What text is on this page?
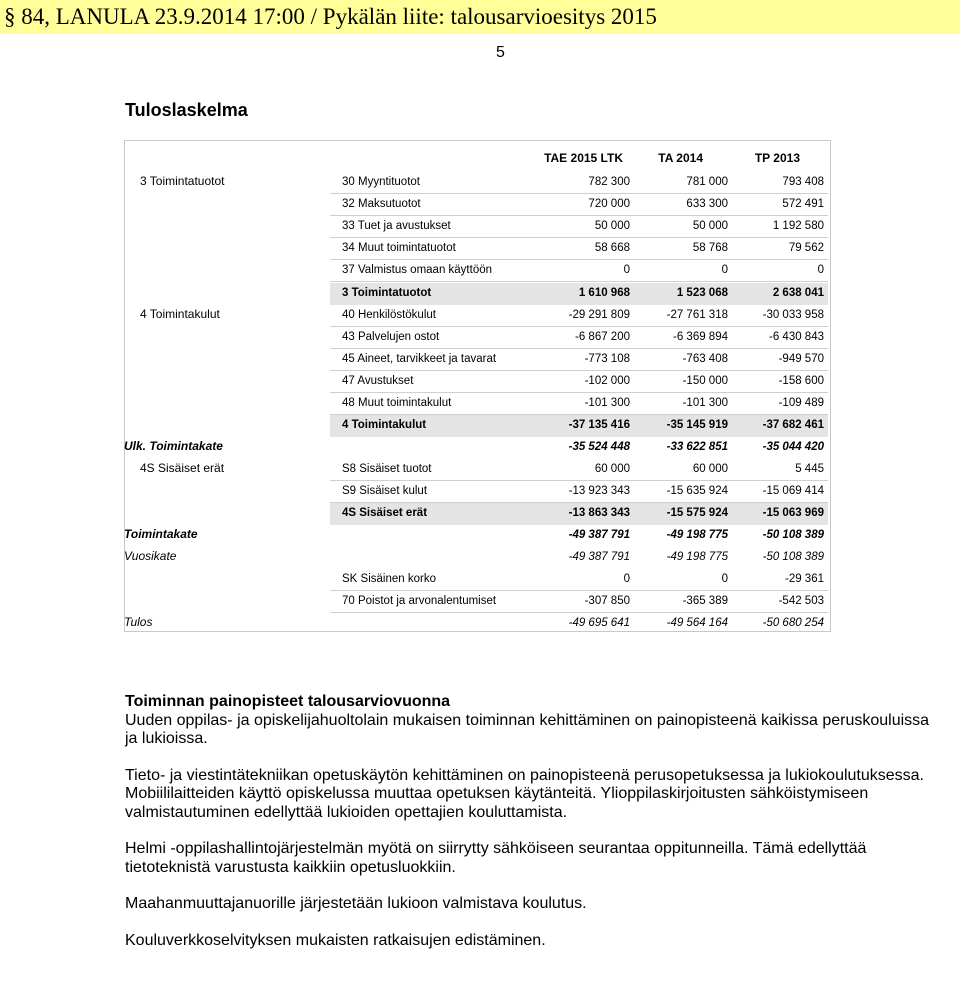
§ 84, LANULA 23.9.2014 17:00 / Pykälän liite: talousarvioesitys 2015
5
Tuloslaskelma
TAE 2015 LTK	TA 2014	TP 2013
3 Toimintatuotot	30 Myyntituotot	782 300	781 000	793 408
32 Maksutuotot	720 000	633 300	572 491
33 Tuet ja avustukset	50 000	50 000	1 192 580
34 Muut toimintatuotot	58 668	58 768	79 562
37 Valmistus omaan käyttöön	0	0	0
3 Toimintatuotot	1 610 968	1 523 068	2 638 041
4 Toimintakulut	40 Henkilöstökulut	-29 291 809	-27 761 318	-30 033 958
43 Palvelujen ostot	-6 867 200	-6 369 894	-6 430 843
45 Aineet, tarvikkeet ja tavarat	-773 108	-763 408	-949 570
47 Avustukset	-102 000	-150 000	-158 600
48 Muut toimintakulut	-101 300	-101 300	-109 489
4 Toimintakulut	-37 135 416	-35 145 919	-37 682 461
Ulk. Toimintakate	-35 524 448	-33 622 851	-35 044 420
4S Sisäiset erät	S8 Sisäiset tuotot	60 000	60 000	5 445
S9 Sisäiset kulut	-13 923 343	-15 635 924	-15 069 414
4S Sisäiset erät	-13 863 343	-15 575 924	-15 063 969
Toimintakate	-49 387 791	-49 198 775	-50 108 389
Vuosikate	-49 387 791	-49 198 775	-50 108 389
SK Sisäinen korko	0	0	-29 361
70 Poistot ja arvonalentumiset	-307 850	-365 389	-542 503
Tulos	-49 695 641	-49 564 164	-50 680 254
Toiminnan painopisteet talousarviovuonna

Uuden oppilas- ja opiskelijahuoltolain mukaisen toiminnan kehittäminen on painopisteenä kaikissa peruskouluissa ja lukioissa.

Tieto- ja viestintätekniikan opetuskäytön kehittäminen on painopisteenä perusopetuksessa ja lukiokoulutuksessa. Mobiililaitteiden käyttö opiskelussa muuttaa opetuksen käytänteitä. Ylioppilaskirjoitusten sähköistymiseen valmistautuminen edellyttää lukioiden opettajien kouluttamista.

Helmi -oppilashallintojärjestelmän myötä on siirrytty sähköiseen seurantaa oppitunneilla. Tämä edellyttää tietoteknistä varustusta kaikkiin opetusluokkiin.

Maahanmuuttajanuorille järjestetään lukioon valmistava koulutus.

Kouluverkkoselvityksen mukaisten ratkaisujen edistäminen.
